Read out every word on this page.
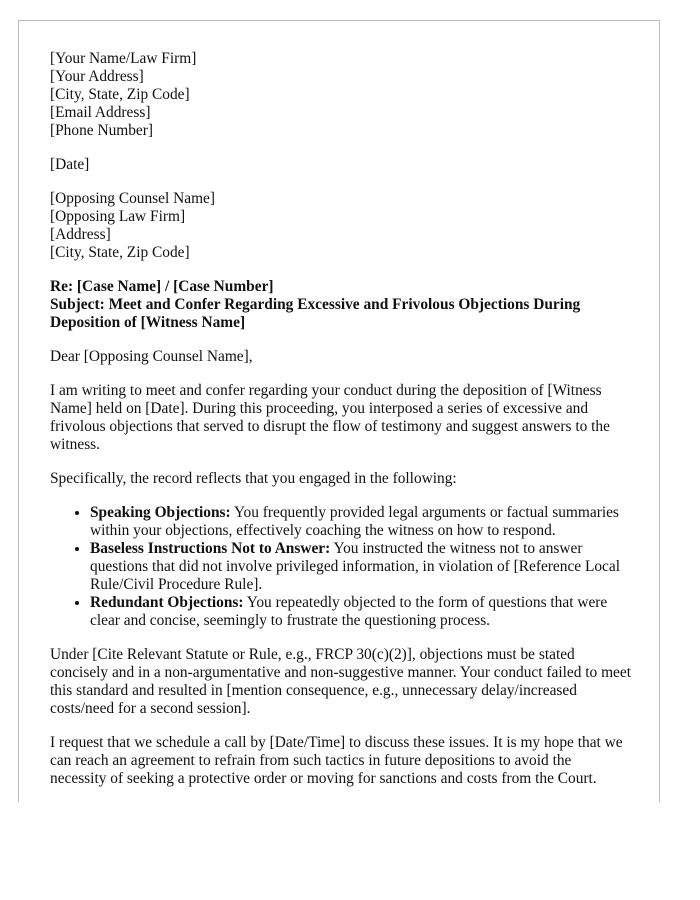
[Your Name/Law Firm]
[Your Address]
[City, State, Zip Code]
[Email Address]
[Phone Number]
[Date]
[Opposing Counsel Name]
[Opposing Law Firm]
[Address]
[City, State, Zip Code]
Re: [Case Name] / [Case Number]
Subject: Meet and Confer Regarding Excessive and Frivolous Objections During Deposition of [Witness Name]

Dear [Opposing Counsel Name],

I am writing to meet and confer regarding your conduct during the deposition of [Witness Name] held on [Date]. During this proceeding, you interposed a series of excessive and frivolous objections that served to disrupt the flow of testimony and suggest answers to the witness.

Specifically, the record reflects that you engaged in the following:

• Speaking Objections: You frequently provided legal arguments or factual summaries within your objections, effectively coaching the witness on how to respond.
• Baseless Instructions Not to Answer: You instructed the witness not to answer questions that did not involve privileged information, in violation of [Reference Local Rule/Civil Procedure Rule].
• Redundant Objections: You repeatedly objected to the form of questions that were clear and concise, seemingly to frustrate the questioning process.

Under [Cite Relevant Statute or Rule, e.g., FRCP 30(c)(2)], objections must be stated concisely and in a non-argumentative and non-suggestive manner. Your conduct failed to meet this standard and resulted in [mention consequence, e.g., unnecessary delay/increased costs/need for a second session].

I request that we schedule a call by [Date/Time] to discuss these issues. It is my hope that we can reach an agreement to refrain from such tactics in future depositions to avoid the necessity of seeking a protective order or moving for sanctions and costs from the Court.
